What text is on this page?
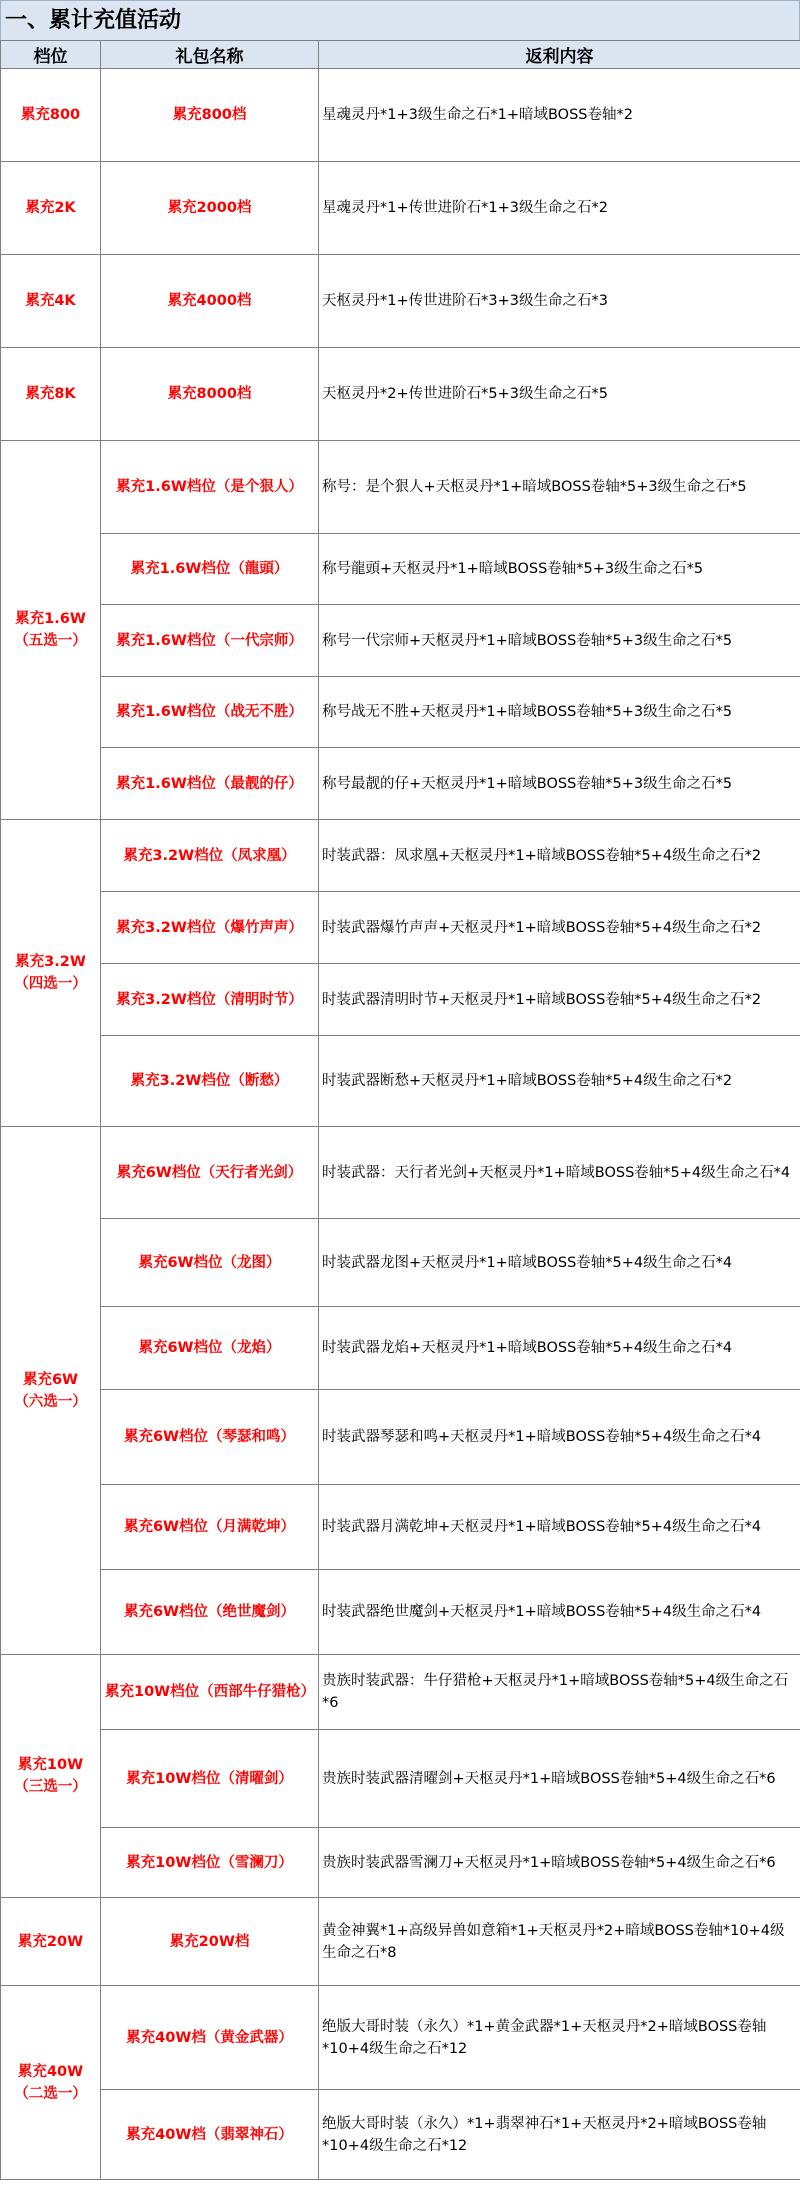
一、累计充值活动
档位	礼包名称	返利内容

累充800	累充800档	星魂灵丹*1+3级生命之石*1+暗域BOSS卷轴*2

累充2K	累充2000档	星魂灵丹*1+传世进阶石*1+3级生命之石*2

累充4K	累充4000档	天枢灵丹*1+传世进阶石*3+3级生命之石*3

累充8K	累充8000档	天枢灵丹*2+传世进阶石*5+3级生命之石*5

累充1.6W
（五选一）	累充1.6W档位（是个狠人）	称号：是个狠人+天枢灵丹*1+暗域BOSS卷轴*5+3级生命之石*5
	累充1.6W档位（龍頭）	称号龍頭+天枢灵丹*1+暗域BOSS卷轴*5+3级生命之石*5
	累充1.6W档位（一代宗师）	称号一代宗师+天枢灵丹*1+暗域BOSS卷轴*5+3级生命之石*5
	累充1.6W档位（战无不胜）	称号战无不胜+天枢灵丹*1+暗域BOSS卷轴*5+3级生命之石*5
	累充1.6W档位（最靓的仔）	称号最靓的仔+天枢灵丹*1+暗域BOSS卷轴*5+3级生命之石*5

累充3.2W
（四选一）	累充3.2W档位（凤求凰）	时装武器：凤求凰+天枢灵丹*1+暗域BOSS卷轴*5+4级生命之石*2
	累充3.2W档位（爆竹声声）	时装武器爆竹声声+天枢灵丹*1+暗域BOSS卷轴*5+4级生命之石*2
	累充3.2W档位（清明时节）	时装武器清明时节+天枢灵丹*1+暗域BOSS卷轴*5+4级生命之石*2
	累充3.2W档位（断愁）	时装武器断愁+天枢灵丹*1+暗域BOSS卷轴*5+4级生命之石*2

累充6W
（六选一）	累充6W档位（天行者光剑）	时装武器：天行者光剑+天枢灵丹*1+暗域BOSS卷轴*5+4级生命之石*4
	累充6W档位（龙图）	时装武器龙图+天枢灵丹*1+暗域BOSS卷轴*5+4级生命之石*4
	累充6W档位（龙焰）	时装武器龙焰+天枢灵丹*1+暗域BOSS卷轴*5+4级生命之石*4
	累充6W档位（琴瑟和鸣）	时装武器琴瑟和鸣+天枢灵丹*1+暗域BOSS卷轴*5+4级生命之石*4
	累充6W档位（月满乾坤）	时装武器月满乾坤+天枢灵丹*1+暗域BOSS卷轴*5+4级生命之石*4
	累充6W档位（绝世魔剑）	时装武器绝世魔剑+天枢灵丹*1+暗域BOSS卷轴*5+4级生命之石*4

累充10W
（三选一）	累充10W档位（西部牛仔猎枪）	贵族时装武器：牛仔猎枪+天枢灵丹*1+暗域BOSS卷轴*5+4级生命之石*6
	累充10W档位（清曜剑）	贵族时装武器清曜剑+天枢灵丹*1+暗域BOSS卷轴*5+4级生命之石*6
	累充10W档位（雪澜刀）	贵族时装武器雪澜刀+天枢灵丹*1+暗域BOSS卷轴*5+4级生命之石*6

累充20W	累充20W档	黄金神翼*1+高级异兽如意箱*1+天枢灵丹*2+暗域BOSS卷轴*10+4级生命之石*8

累充40W
（二选一）	累充40W档（黄金武器）	绝版大哥时装（永久）*1+黄金武器*1+天枢灵丹*2+暗域BOSS卷轴*10+4级生命之石*12
	累充40W档（翡翠神石）	绝版大哥时装（永久）*1+翡翠神石*1+天枢灵丹*2+暗域BOSS卷轴*10+4级生命之石*12
